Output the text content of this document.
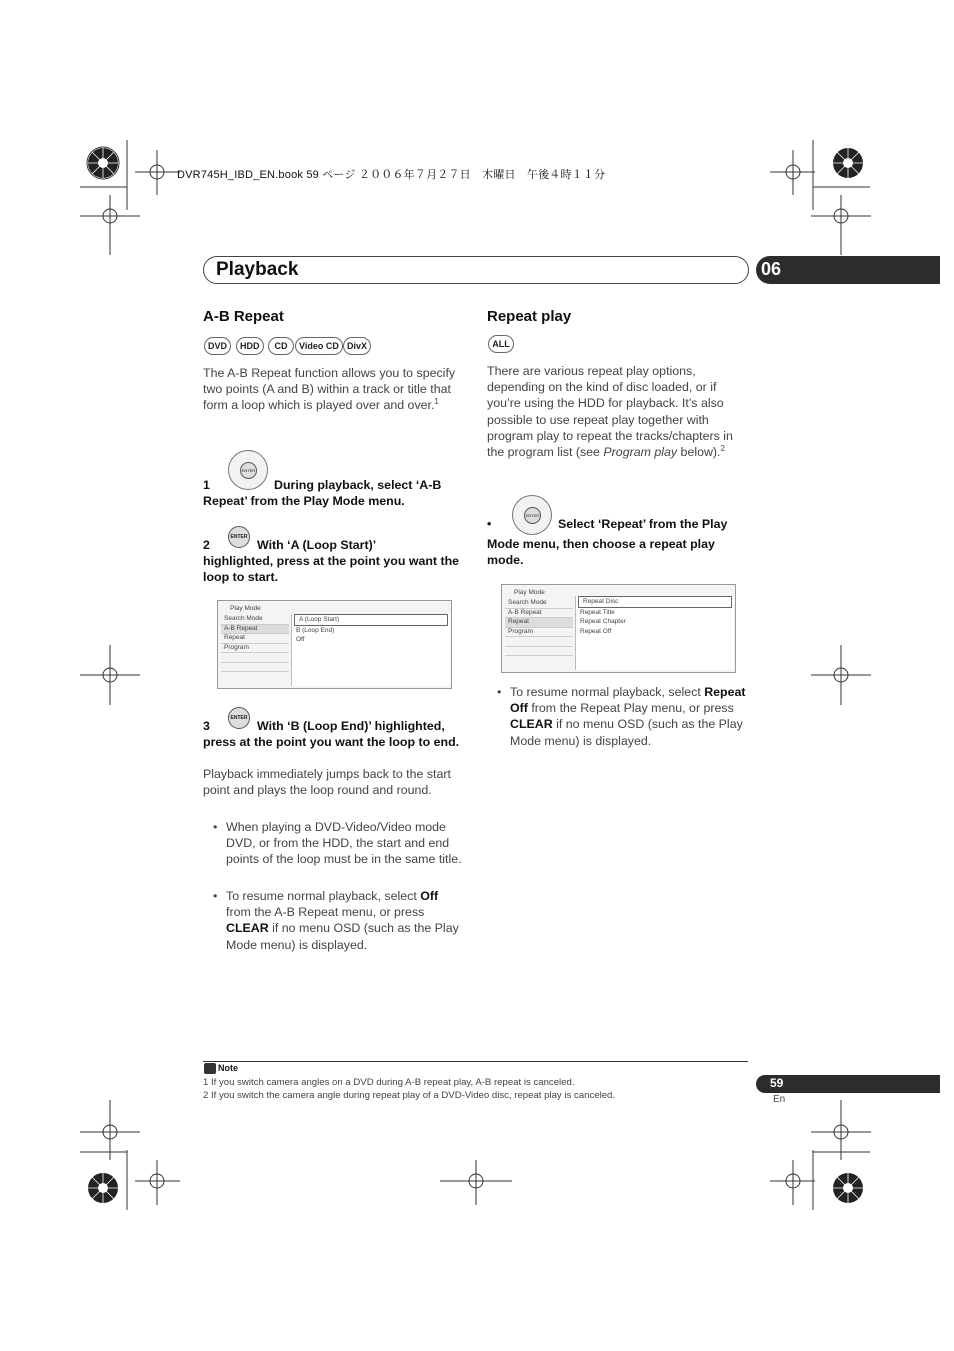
DVR745H_IBD_EN.book 59 ページ ２００６年７月２７日　木曜日　午後４時１１分
Playback	06
A-B Repeat
DVD	HDD	CD	Video CD DivX
The A-B Repeat function allows you to specify two points (A and B) within a track or title that form a loop which is played over and over.$^1$
ENTER
1	During playback, select ‘A-B
Repeat’ from the Play Mode menu.
ENTER
2	With ‘A (Loop Start)’
highlighted, press at the point you want the loop to start.
Play Mode
Search Mode
A-B Repeat
Repeat
Program
A (Loop Start)
B (Loop End)
Off
ENTER
3	With ‘B (Loop End)’ highlighted,
press at the point you want the loop to end.
Playback immediately jumps back to the start point and plays the loop round and round.
• When playing a DVD-Video/Video mode DVD, or from the HDD, the start and end points of the loop must be in the same title.
• To resume normal playback, select Off from the A-B Repeat menu, or press CLEAR if no menu OSD (such as the Play Mode menu) is displayed.
Repeat play
ALL
There are various repeat play options, depending on the kind of disc loaded, or if you’re using the HDD for playback. It’s also possible to use repeat play together with program play to repeat the tracks/chapters in the program list (see Program play below).$^2$
ENTER
•	Select ‘Repeat’ from the Play
Mode menu, then choose a repeat play mode.
Play Mode
Search Mode
A-B Repeat
Repeat
Program
Repeat Disc
Repeat Title
Repeat Chapter
Repeat Off
• To resume normal playback, select Repeat Off from the Repeat Play menu, or press CLEAR if no menu OSD (such as the Play Mode menu) is displayed.
Note
1 If you switch camera angles on a DVD during A-B repeat play, A-B repeat is canceled.
2 If you switch the camera angle during repeat play of a DVD-Video disc, repeat play is canceled.
59
En
